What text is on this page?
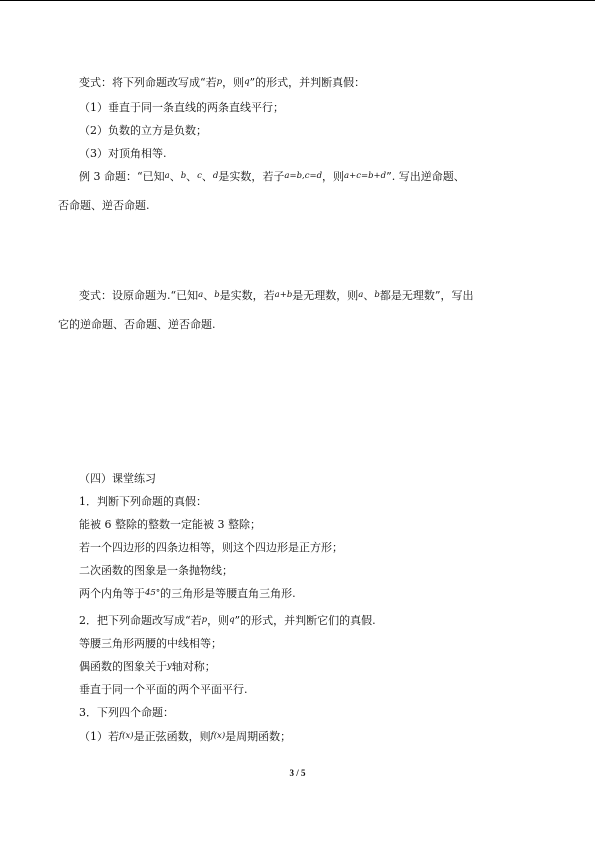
变式：将下列命题改写成“若p，则q”的形式，并判断真假：
（1）垂直于同一条直线的两条直线平行；
（2）负数的立方是负数；
（3）对顶角相等.
例 3 命题：“已知a、b、c、d是实数，若子a=b,c=d，则a+c=b+d”. 写出逆命题、
否命题、逆否命题.
变式：设原命题为.“已知a、b是实数，若a+b是无理数，则a、b都是无理数”，写出
它的逆命题、否命题、逆否命题.
（四）课堂练习
1．判断下列命题的真假：
能被 6 整除的整数一定能被 3 整除；
若一个四边形的四条边相等，则这个四边形是正方形；
二次函数的图象是一条抛物线；
两个内角等于45°的三角形是等腰直角三角形.
2．把下列命题改写成“若p，则q”的形式，并判断它们的真假.
等腰三角形两腰的中线相等；
偶函数的图象关于y轴对称；
垂直于同一个平面的两个平面平行.
3．下列四个命题：
（1）若f(x)是正弦函数，则f(x)是周期函数；
3 / 5
